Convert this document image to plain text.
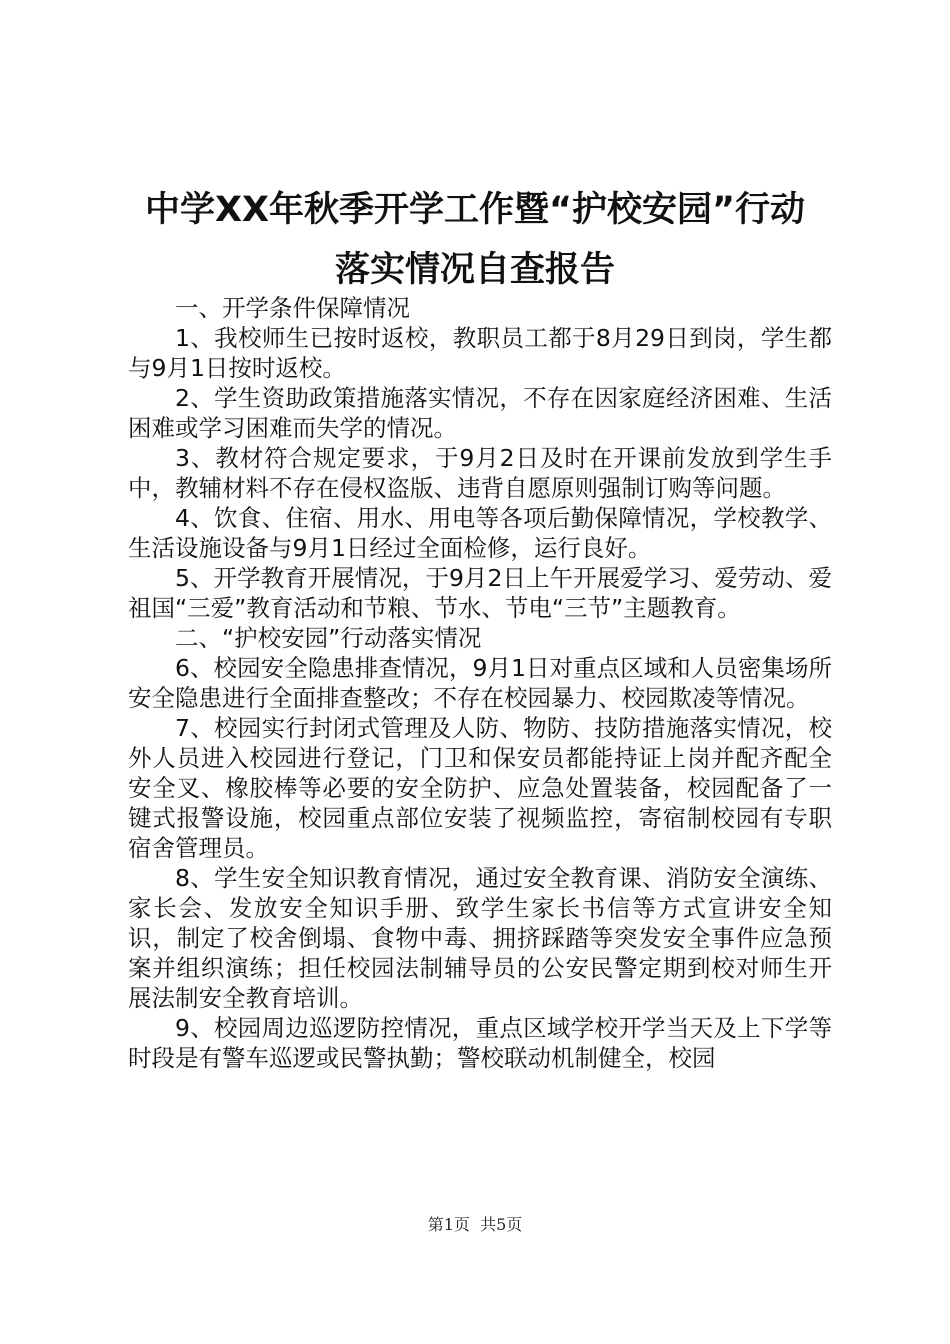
中学XX年秋季开学工作暨“护校安园”行动
落实情况自查报告

一、开学条件保障情况

1、我校师生已按时返校，教职员工都于8月29日到岗，学生都与9月1日按时返校。

2、学生资助政策措施落实情况，不存在因家庭经济困难、生活困难或学习困难而失学的情况。

3、教材符合规定要求，于9月2日及时在开课前发放到学生手中，教辅材料不存在侵权盗版、违背自愿原则强制订购等问题。

4、饮食、住宿、用水、用电等各项后勤保障情况，学校教学、生活设施设备与9月1日经过全面检修，运行良好。

5、开学教育开展情况，于9月2日上午开展爱学习、爱劳动、爱祖国“三爱”教育活动和节粮、节水、节电“三节”主题教育。

二、“护校安园”行动落实情况

6、校园安全隐患排查情况，9月1日对重点区域和人员密集场所安全隐患进行全面排查整改；不存在校园暴力、校园欺凌等情况。

7、校园实行封闭式管理及人防、物防、技防措施落实情况，校外人员进入校园进行登记，门卫和保安员都能持证上岗并配齐配全安全叉、橡胶棒等必要的安全防护、应急处置装备，校园配备了一键式报警设施，校园重点部位安装了视频监控，寄宿制校园有专职宿舍管理员。

8、学生安全知识教育情况，通过安全教育课、消防安全演练、家长会、发放安全知识手册、致学生家长书信等方式宣讲安全知识，制定了校舍倒塌、食物中毒、拥挤踩踏等突发安全事件应急预案并组织演练；担任校园法制辅导员的公安民警定期到校对师生开展法制安全教育培训。

9、校园周边巡逻防控情况，重点区域学校开学当天及上下学等时段是有警车巡逻或民警执勤；警校联动机制健全，校园

第1页 共5页
